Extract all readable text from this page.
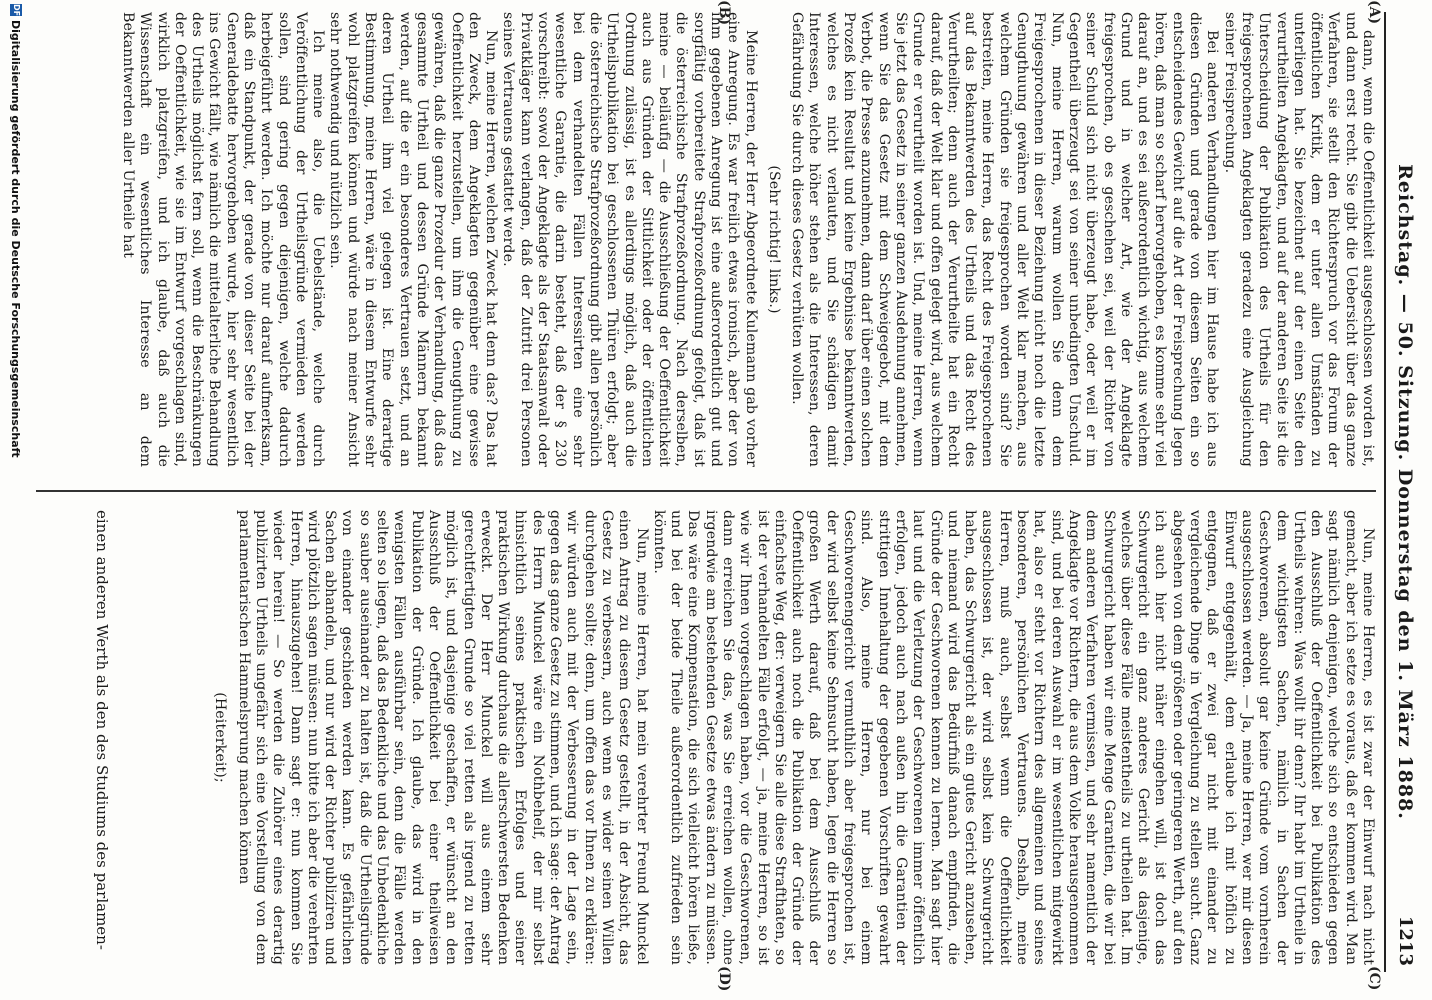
Reichstag. — 50. Sitzung. Donnerstag den 1. März 1888.
1213
(A)
(B)
(C)
(D)

dann, wenn die Oeffentlichkeit ausgeschlossen worden ist, und dann erst recht. Sie gibt die Uebersicht über das ganze Verfahren, sie stellt den Richterspruch vor das Forum der öffentlichen Kritik, dem er unter allen Umständen zu unterliegen hat. Sie bezeichnet auf der einen Seite den verurtheilten Angeklagten, und auf der anderen Seite ist die Unterscheidung der Publikation des Urtheils für den freigesprochenen Angeklagten geradezu eine Ausgleichung seiner Freisprechung.

Bei anderen Verhandlungen hier im Hause habe ich aus diesen Gründen und gerade von diesem Seiten ein so entscheidendes Gewicht auf die Art der Freisprechung legen hören, daß man so scharf hervorgehoben, es komme sehr viel darauf an, und es sei außerordentlich wichtig, aus welchem Grund und in welcher Art, wie der Angeklagte freigesprochen, ob es geschehen sei, weil der Richter von seiner Schuld sich nicht überzeugt habe, oder weil er im Gegentheil überzeugt sei von seiner unbedingten Unschuld. Nun, meine Herren, warum wollen Sie denn dem Freigesprochenen in dieser Beziehung nicht noch die letzte Genugthuung gewähren und aller Welt klar machen, aus welchem Gründen sie freigesprochen worden sind? Sie bestreiten, meine Herren, das Recht des Freigesprochenen auf das Bekanntwerden des Urtheils und das Recht des Verurtheilten; denn auch der Verurtheilte hat ein Recht darauf, daß der Welt klar und offen gelegt wird, aus welchem Grunde er verurtheilt worden ist. Und, meine Herren, wenn Sie jetzt das Gesetz in seiner ganzen Ausdehnung annehmen, wenn Sie das Gesetz mit dem Schweigegebot, mit dem Verbot, die Presse anzunehmen, dann darf über einen solchen Prozeß kein Resultat und keine Ergebnisse bekanntwerden, welches es nicht verlauten, und Sie schädigen damit Interessen, welche höher stehen als die Interessen, deren Gefährdung Sie durch dieses Gesetz verhüten wollen.

(Sehr richtig! links.)

Meine Herren, der Herr Abgeordnete Kulemann gab vorher eine Anregung. Es war freilich etwas ironisch, aber der von ihm gegebenen Anregung ist eine außerordentlich gut und sorgfältig vorbereitete Strafprozeßordnung gefolgt, daß ist die österreichische Strafprozeßordnung. Nach derselben, meine — beiläufig — die Ausschließung der Oeffentlichkeit auch aus Gründen der Sittlichkeit oder der öffentlichen Ordnung zulässig, ist es allerdings möglich, daß auch die Urtheilspublikation bei geschlossenen Thüren erfolgt; aber die österreichische Strafprozeßordnung gibt allen persönlich bei dem verhandelten Fällen Interessirten eine sehr wesentliche Garantie, die darin besteht, daß der § 230 vorschreibt: sowol der Angeklagte als der Staatsanwalt oder Privatkläger kann verlangen, daß der Zutritt drei Personen seines Vertrauens gestattet werde.

Nun, meine Herren, welchen Zweck hat denn das? Das hat den Zweck, dem Angeklagten gegenüber eine gewisse Oeffentlichkeit herzustellen, um ihm die Genugthuung zu gewähren, daß die ganze Prozedur der Verhandlung, daß das gesammte Urtheil und dessen Gründe Männern bekannt werden, auf die er ein besonderes Vertrauen setzt, und an deren Urtheil ihm viel gelegen ist. Eine derartige Bestimmung, meine Herren, wäre in diesem Entwurfe sehr wohl platzgreifen können und würde nach meiner Ansicht sehr nothwendig und nützlich sein.

Ich meine also, die Uebelstände, welche durch Veröffentlichung der Urtheilsgründe vermieden werden sollen, sind gering gegen diejenigen, welche dadurch herbeigeführt werden. Ich möchte nur darauf aufmerksam, daß ein Standpunkt, der gerade von dieser Seite bei der Generaldebatte hervorgehoben wurde, hier sehr wesentlich ins Gewicht fällt, wie nämlich die mittelalterliche Behandlung des Urtheils möglichst fern soll, wenn die Beschränkungen der Oeffentlichkeit, wie sie im Entwurf vorgeschlagen sind, wirklich platzgreifen, und ich glaube, daß auch die Wissenschaft ein wesentliches Interesse an dem Bekanntwerden aller Urtheile hat

Nun, meine Herren, es ist zwar der Einwurf nach nicht gemacht, aber ich setze es voraus, daß er kommen wird. Man sagt nämlich denjenigen, welche sich so entschieden gegen den Ausschluß der Oeffentlichkeit bei Publikation des Urtheils wehren: Was wollt ihr denn? Ihr habt im Urtheile in dem wichtigsten Sachen, nämlich in Sachen der Geschworenen, absolut gar keine Gründe vom vornherein ausgeschlossen werden. — Ja, meine Herren, wer mir diesen Einwurf entgegenhält, dem erlaube ich mit höflich zu entgegnen, daß er zwei gar nicht mit einander zu vergleichende Dinge in Vergleichung zu stellen sucht. Ganz abgesehen von dem größeren oder geringeren Werth, auf den ich auch hier nicht näher eingehen will, ist doch das Schwurgericht ein ganz anderes Gericht als dasjenige, welches über diese Fälle meistentheils zu urtheilen hat. Im Schwurgericht haben wir eine Menge Garantien, die wir bei dem anderen Verfahren vermissen, und sehr namentlich der Angeklagte vor Richtern, die aus dem Volke herausgenommen sind, und bei deren Auswahl er im wesentlichen mitgewirkt hat, also er steht vor Richtern des allgemeinen und seines besonderen, persönlichen Vertrauens. Deshalb, meine Herren, muß auch, selbst wenn die Oeffentlichkeit ausgeschlossen ist, der wird selbst kein Schwurgericht haben, das Schwurgericht als ein gutes Gericht anzusehen, und niemand wird das Bedürfniß danach empfinden, die Gründe der Geschworenen kennen zu lernen. Man sagt hier laut und die Verletzung der Geschworenen immer öffentlich erfolgen, jedoch auch nach außen hin die Garantien der strittigen Innehaltung der gegebenen Vorschriften gewahrt sind. Also, meine Herren, nur bei einem Geschworenengericht vermuthlich aber freigesprochen ist, der wird selbst keine Sehnsucht haben, legen die Herren so großen Werth darauf, daß bei dem Ausschluß der Oeffentlichkeit auch noch die Publikation der Gründe der einfachste Weg, der: verweigern Sie alle diese Strafthaten, so ist der verhandelten Fälle erfolgt, — ja, meine Herren, so ist wie wir Ihnen vorgeschlagen haben, vor die Geschworenen, dann erreichen Sie das, was Sie erreichen wollen, ohne irgendwie am bestehenden Gesetze etwas ändern zu müssen. Das wäre eine Kompensation, die sich vielleicht hören ließe, und bei der beide Theile außerordentlich zufrieden sein könnten.

Nun, meine Herren, hat mein verehrter Freund Munckel einen Antrag zu diesem Gesetz gestellt, in der Absicht, das Gesetz zu verbessern, auch wenn es wider seinen Willen durchgehen sollte; denn, um offen das vor Ihnen zu erklären: wir würden auch mit der Verbesserung in der Lage sein, gegen das ganze Gesetz zu stimmen, und ich sage: der Antrag des Herrn Munckel wäre ein Nothbehelf, der mir selbst hinsichtlich seines praktischen Erfolges und seiner praktischen Wirkung durchaus die allerschwersten Bedenken erweckt. Der Herr Munckel will aus einem sehr gerechtfertigten Grunde so viel retten als irgend zu retten möglich ist, und dasjenige geschaffen, er wünscht an den Ausschluß der Oeffentlichkeit bei einer theilweisen Publikation der Gründe. Ich glaube, das wird in den wenigsten Fällen ausführbar sein, denn die Fälle werden selten so liegen, daß das Bedenkliche und das Unbedenkliche so sauber auseinander zu halten ist, daß die Urtheilsgründe von einander geschieden werden kann. Es gefährlichen Sachen abhandeln, und nur wird der Richter publiziren und wird plötzlich sagen müssen: nun bitte ich aber die verehrten Herren, hinauszugehen! Dann sagt er: nun kommen Sie wieder herein! — So werden die Zuhörer eines derartig publizirten Urtheils ungefähr sich eine Vorstellung von dem parlamentarischen Hammelsprung machen können

(Heiterkeit);

einen anderen Werth als den des Studiums des parlamen-
DFG
Digitalisierung gefördert durch die Deutsche Forschungsgemeinschaft
